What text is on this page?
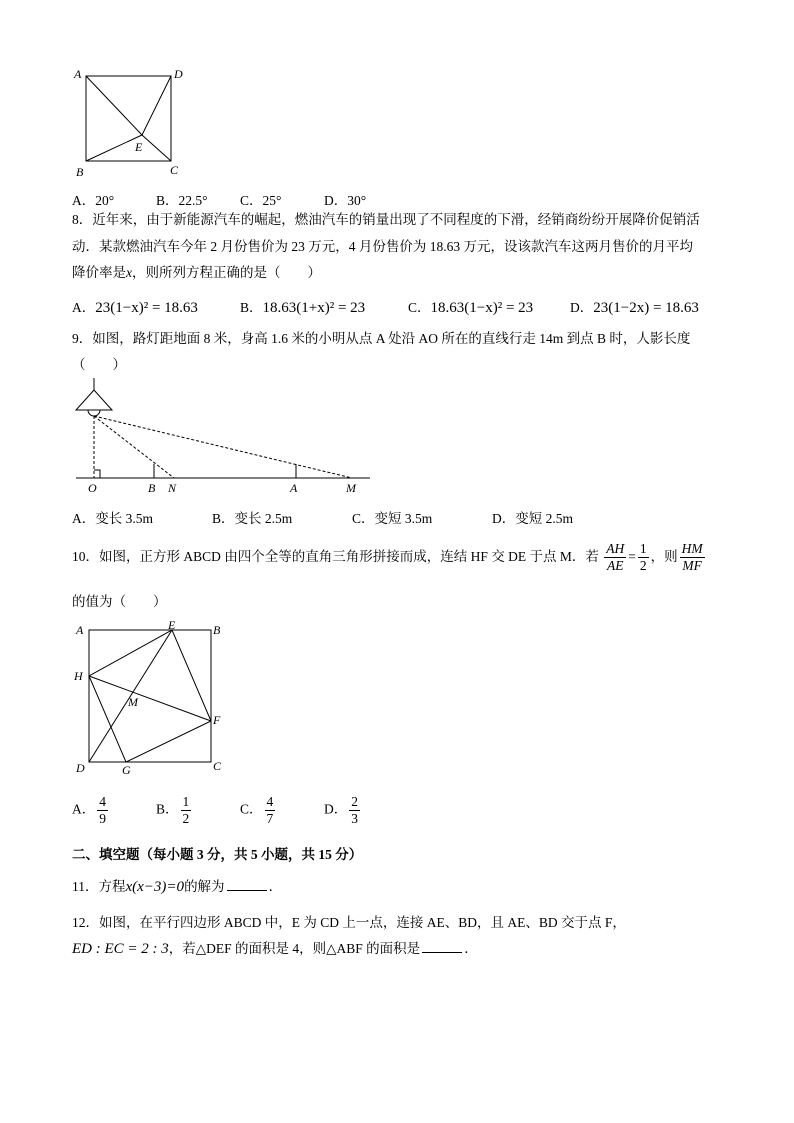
A	D
B	C
E
A．20°	B．22.5°	C．25°	D．30°
8．近年来，由于新能源汽车的崛起，燃油汽车的销量出现了不同程度的下滑，经销商纷纷开展降价促销活
动．某款燃油汽车今年 2 月份售价为 23 万元，4 月份售价为 18.63 万元，设该款汽车这两月售价的月平均
降价率是x，则所列方程正确的是（　　）
A．23(1−x)² = 18.63	B．18.63(1+x)² = 23	C．18.63(1−x)² = 23	D．23(1−2x) = 18.63
9．如图，路灯距地面 8 米，身高 1.6 米的小明从点 A 处沿 AO 所在的直线行走 14m 到点 B 时，人影长度
（　　）
O	B N	A	M
A．变长 3.5m	B．变长 2.5m	C．变短 3.5m	D．变短 2.5m
10．如图，正方形 ABCD 由四个全等的直角三角形拼接而成，连结 HF 交 DE 于点 M．若 $\frac{AH}{AE} = \frac{1}{2}$ ，则 $\frac{HM}{MF}$
的值为（　　）
A	E	B
H
M
F
D	G	C
A． $\frac{4}{9}$	B． $\frac{1}{2}$	C． $\frac{4}{7}$	D． $\frac{2}{3}$
二、填空题（每小题 3 分，共 5 小题，共 15 分）
11．方程x(x−3)=0的解为	．
12．如图，在平行四边形 ABCD 中，E 为 CD 上一点，连接 AE、BD，且 AE、BD 交于点 F，
ED : EC = 2 : 3，若△DEF 的面积是 4，则△ABF 的面积是	．
